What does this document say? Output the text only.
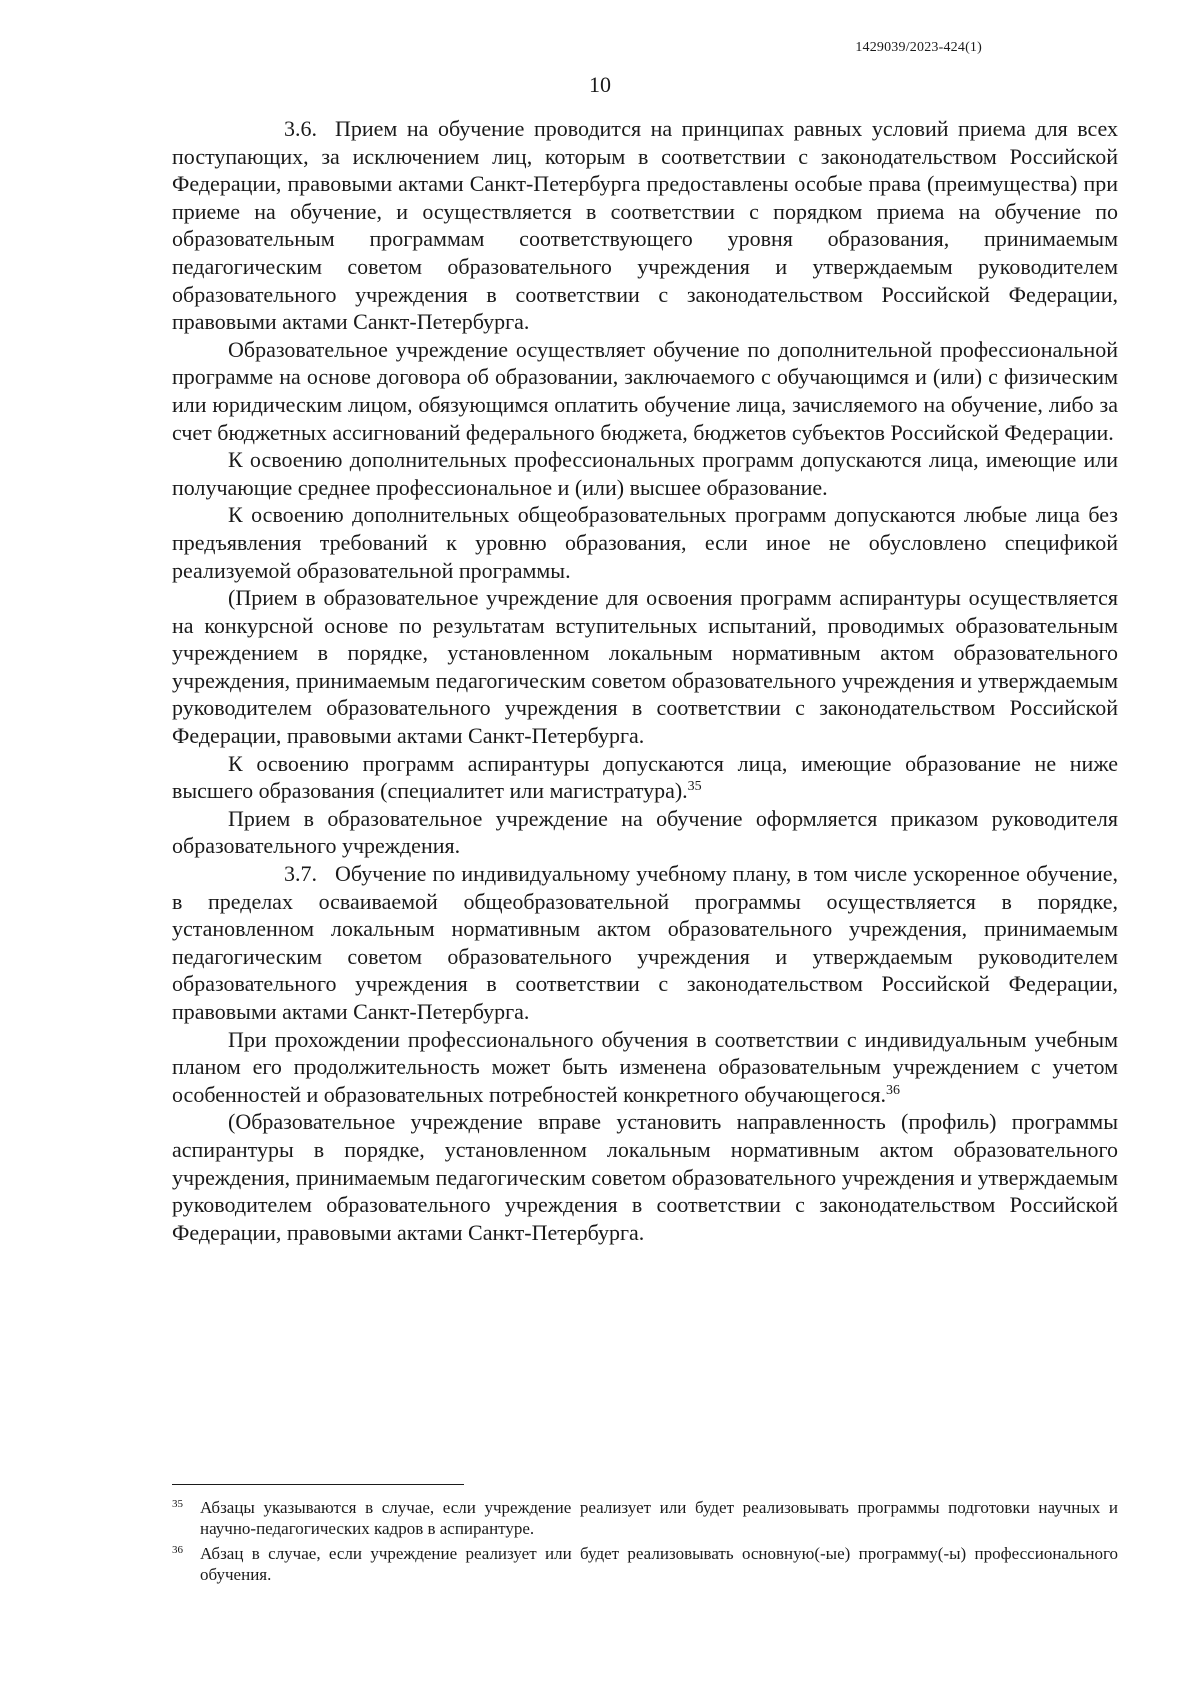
1429039/2023-424(1)
10

3.6. Прием на обучение проводится на принципах равных условий приема для всех поступающих, за исключением лиц, которым в соответствии с законодательством Российской Федерации, правовыми актами Санкт-Петербурга предоставлены особые права (преимущества) при приеме на обучение, и осуществляется в соответствии с порядком приема на обучение по образовательным программам соответствующего уровня образования, принимаемым педагогическим советом образовательного учреждения и утверждаемым руководителем образовательного учреждения в соответствии с законодательством Российской Федерации, правовыми актами Санкт-Петербурга.

Образовательное учреждение осуществляет обучение по дополнительной профессиональной программе на основе договора об образовании, заключаемого с обучающимся и (или) с физическим или юридическим лицом, обязующимся оплатить обучение лица, зачисляемого на обучение, либо за счет бюджетных ассигнований федерального бюджета, бюджетов субъектов Российской Федерации.

К освоению дополнительных профессиональных программ допускаются лица, имеющие или получающие среднее профессиональное и (или) высшее образование.

К освоению дополнительных общеобразовательных программ допускаются любые лица без предъявления требований к уровню образования, если иное не обусловлено спецификой реализуемой образовательной программы.

(Прием в образовательное учреждение для освоения программ аспирантуры осуществляется на конкурсной основе по результатам вступительных испытаний, проводимых образовательным учреждением в порядке, установленном локальным нормативным актом образовательного учреждения, принимаемым педагогическим советом образовательного учреждения и утверждаемым руководителем образовательного учреждения в соответствии с законодательством Российской Федерации, правовыми актами Санкт-Петербурга.

К освоению программ аспирантуры допускаются лица, имеющие образование не ниже высшего образования (специалитет или магистратура).$^{35}$

Прием в образовательное учреждение на обучение оформляется приказом руководителя образовательного учреждения.

3.7. Обучение по индивидуальному учебному плану, в том числе ускоренное обучение, в пределах осваиваемой общеобразовательной программы осуществляется в порядке, установленном локальным нормативным актом образовательного учреждения, принимаемым педагогическим советом образовательного учреждения и утверждаемым руководителем образовательного учреждения в соответствии с законодательством Российской Федерации, правовыми актами Санкт-Петербурга.

При прохождении профессионального обучения в соответствии с индивидуальным учебным планом его продолжительность может быть изменена образовательным учреждением с учетом особенностей и образовательных потребностей конкретного обучающегося.$^{36}$

(Образовательное учреждение вправе установить направленность (профиль) программы аспирантуры в порядке, установленном локальным нормативным актом образовательного учреждения, принимаемым педагогическим советом образовательного учреждения и утверждаемым руководителем образовательного учреждения в соответствии с законодательством Российской Федерации, правовыми актами Санкт-Петербурга.

35 Абзацы указываются в случае, если учреждение реализует или будет реализовывать программы подготовки научных и научно-педагогических кадров в аспирантуре.

36 Абзац в случае, если учреждение реализует или будет реализовывать основную(-ые) программу(-ы) профессионального обучения.
